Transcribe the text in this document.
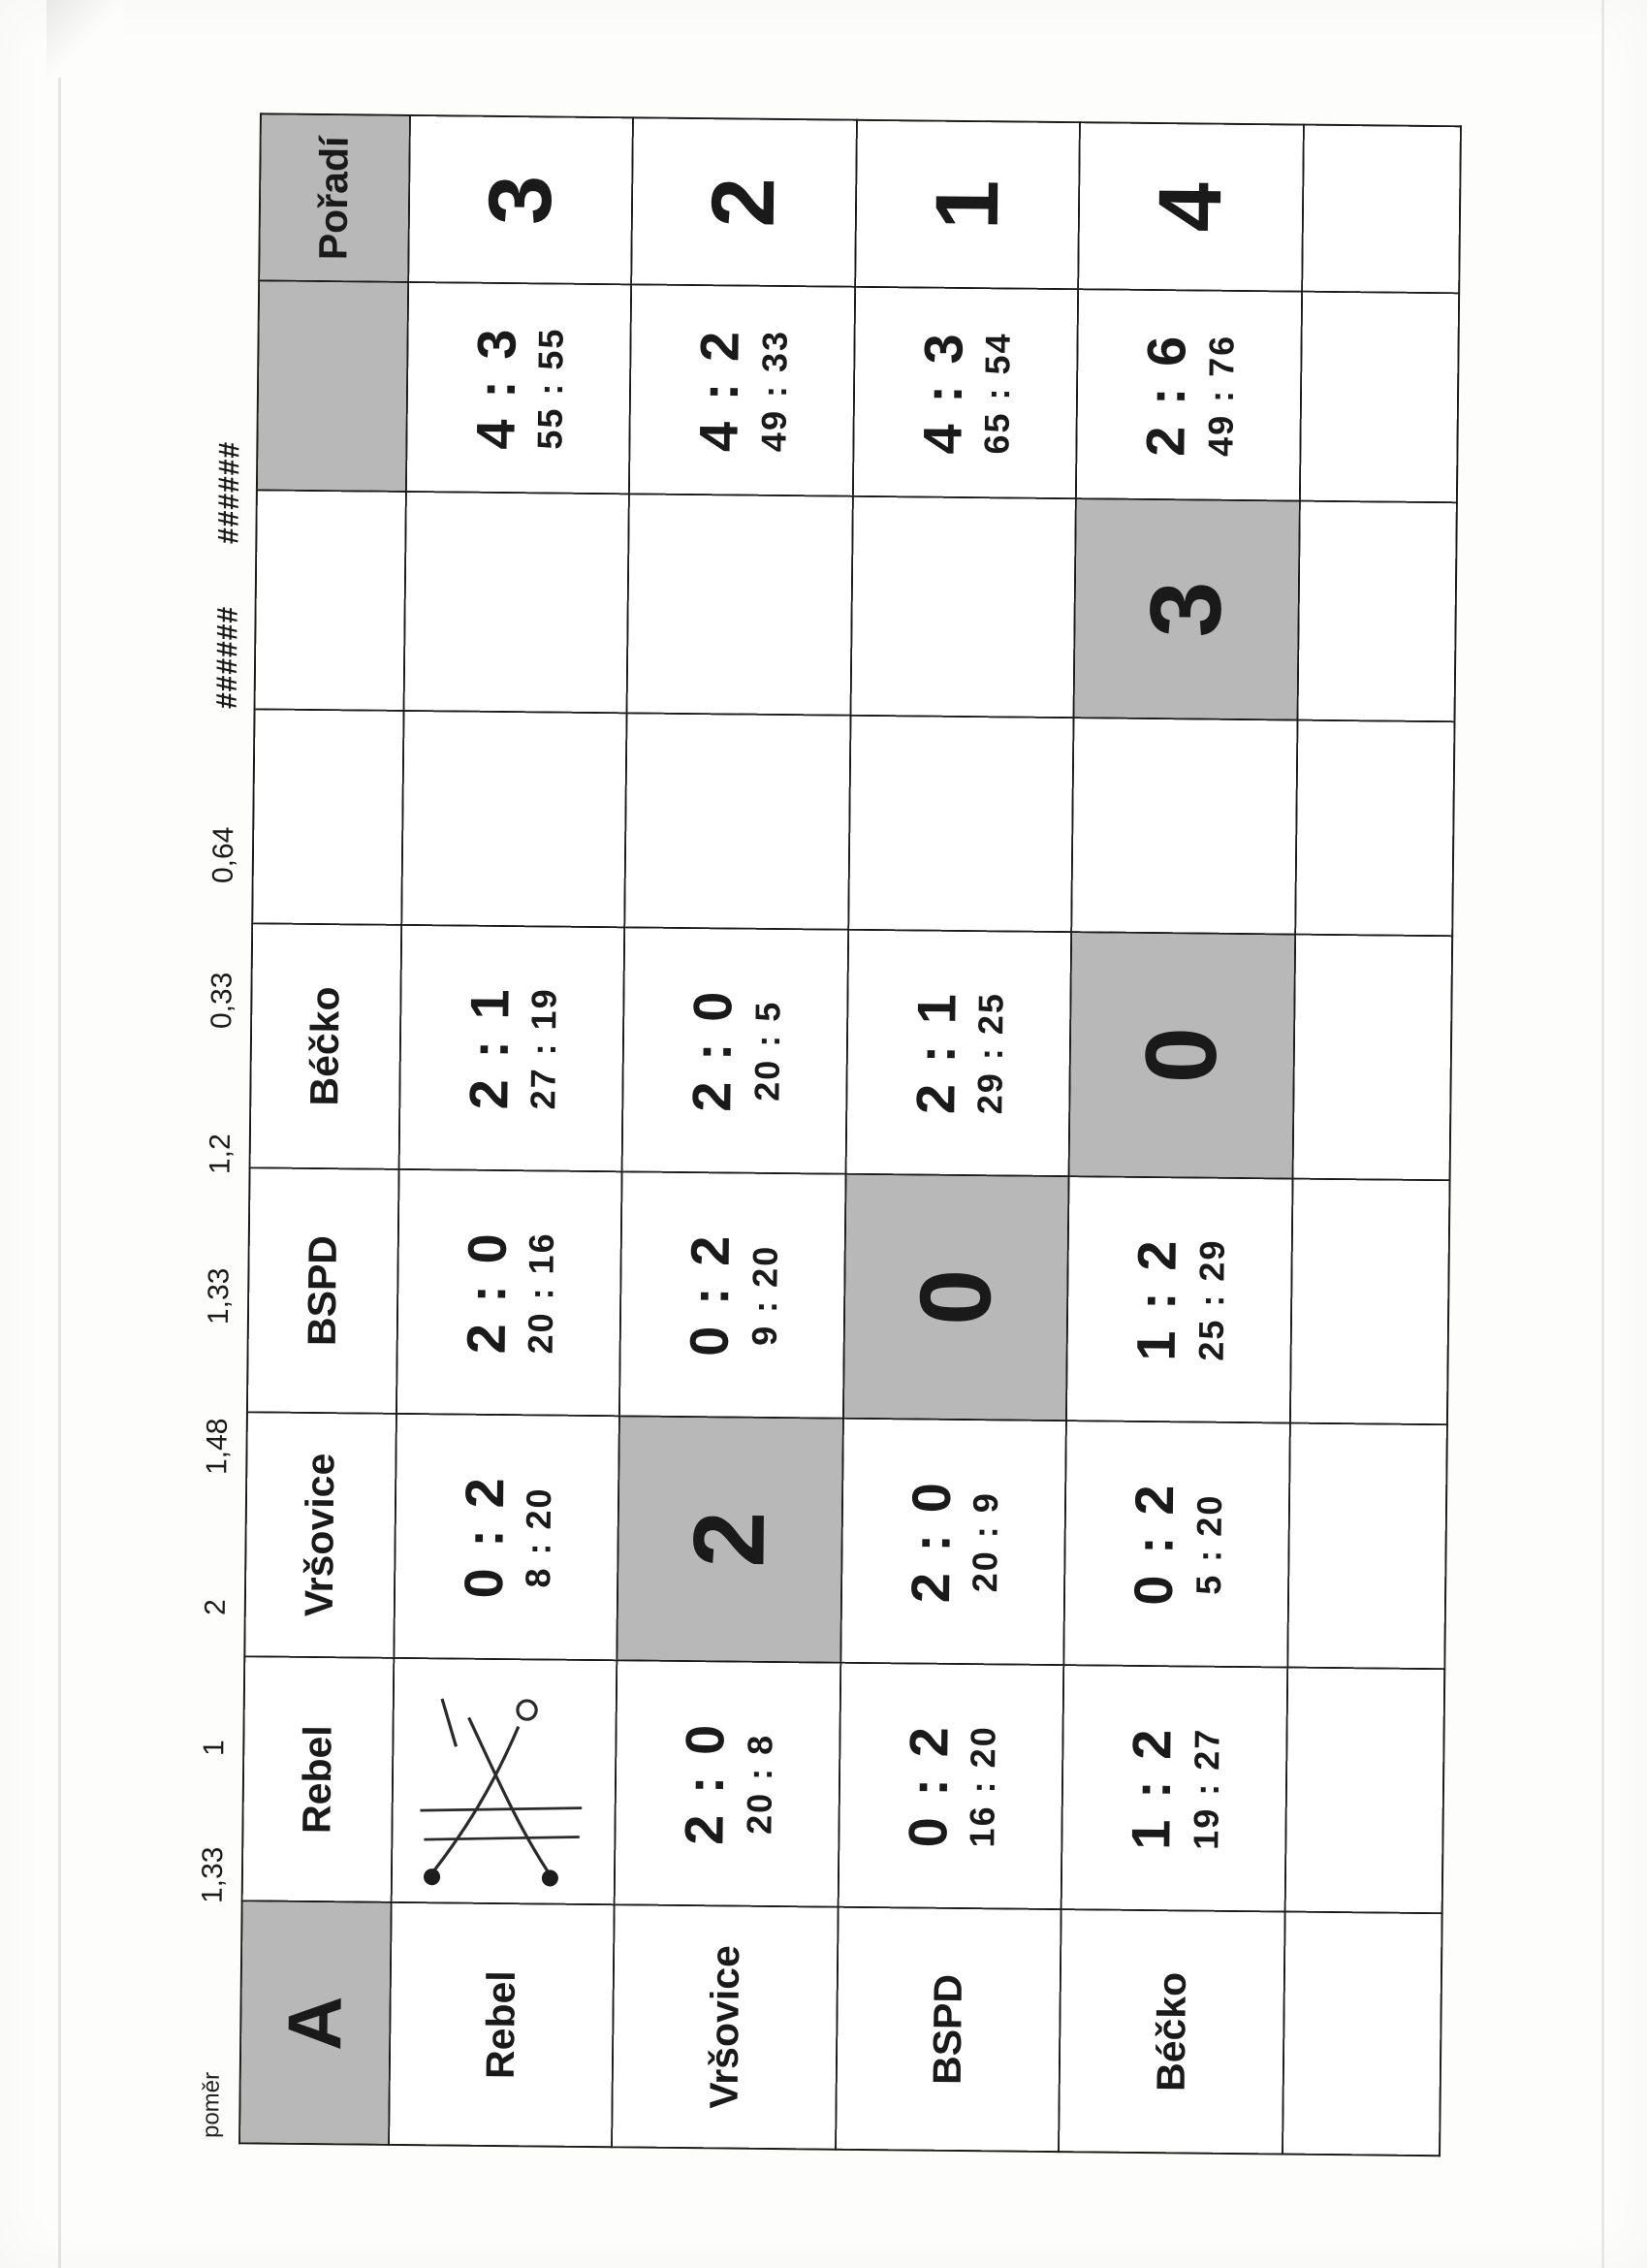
poměr
1,33
1
2
1,48
1,33
1,2
0,33
0,64
######
######
A	Rebel	Vršovice	BSPD	Béčko				Pořadí
Rebel		0 : 2 8 : 20	2 : 0 20 : 16	2 : 1 27 : 19			4 : 3 55 : 55	3
Vršovice	2 : 0 20 : 8	2	0 : 2 9 : 20	2 : 0 20 : 5			4 : 2 49 : 33	2
BSPD	0 : 2 16 : 20	2 : 0 20 : 9	0	2 : 1 29 : 25			4 : 3 65 : 54	1
Béčko	1 : 2 19 : 27	0 : 2 5 : 20	1 : 2 25 : 29	0		3	2 : 6 49 : 76	4
